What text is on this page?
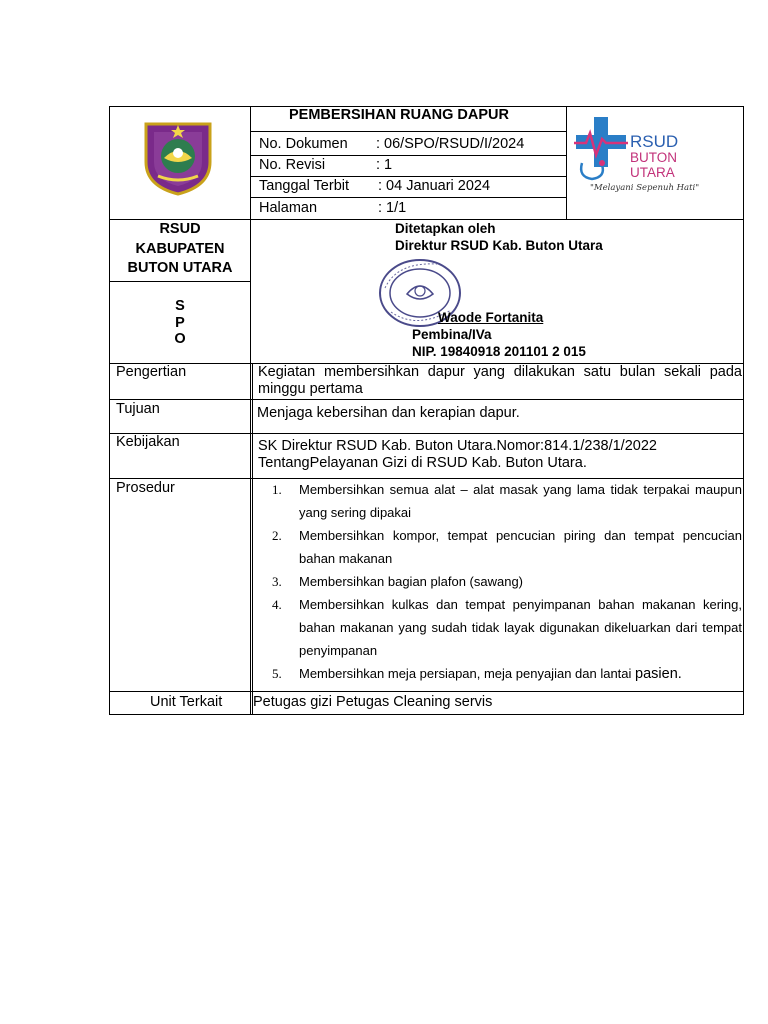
PEMBERSIHAN RUANG DAPUR
No. Dokumen : 06/SPO/RSUD/I/2024
No. Revisi	: 1
Tanggal Terbit : 04 Januari 2024
Halaman	: 1/1
RSUD
BUTON
UTARA
"Melayani Sepenuh Hati"
RSUD
KABUPATEN
BUTON UTARA
S
P
O
Ditetapkan oleh
Direktur RSUD Kab. Buton Utara
Waode Fortanita
Pembina/IVa
NIP. 19840918 201101 2 015
Pengertian	Kegiatan membersihkan dapur yang dilakukan satu bulan sekali pada minggu pertama
Tujuan	Menjaga kebersihan dan kerapian dapur.
Kebijakan	SK Direktur RSUD Kab. Buton Utara.Nomor:814.1/238/1/2022
TentangPelayanan Gizi di RSUD Kab. Buton Utara.
Prosedur	1. Membersihkan semua alat – alat masak yang lama tidak terpakai maupun yang sering dipakai
2. Membersihkan kompor, tempat pencucian piring dan tempat pencucian bahan makanan
3. Membersihkan bagian plafon (sawang)
4. Membersihkan kulkas dan tempat penyimpanan bahan makanan kering, bahan makanan yang sudah tidak layak digunakan dikeluarkan dari tempat penyimpanan
5. Membersihkan meja persiapan, meja penyajian dan lantai pasien.
Unit Terkait Petugas gizi Petugas Cleaning servis
